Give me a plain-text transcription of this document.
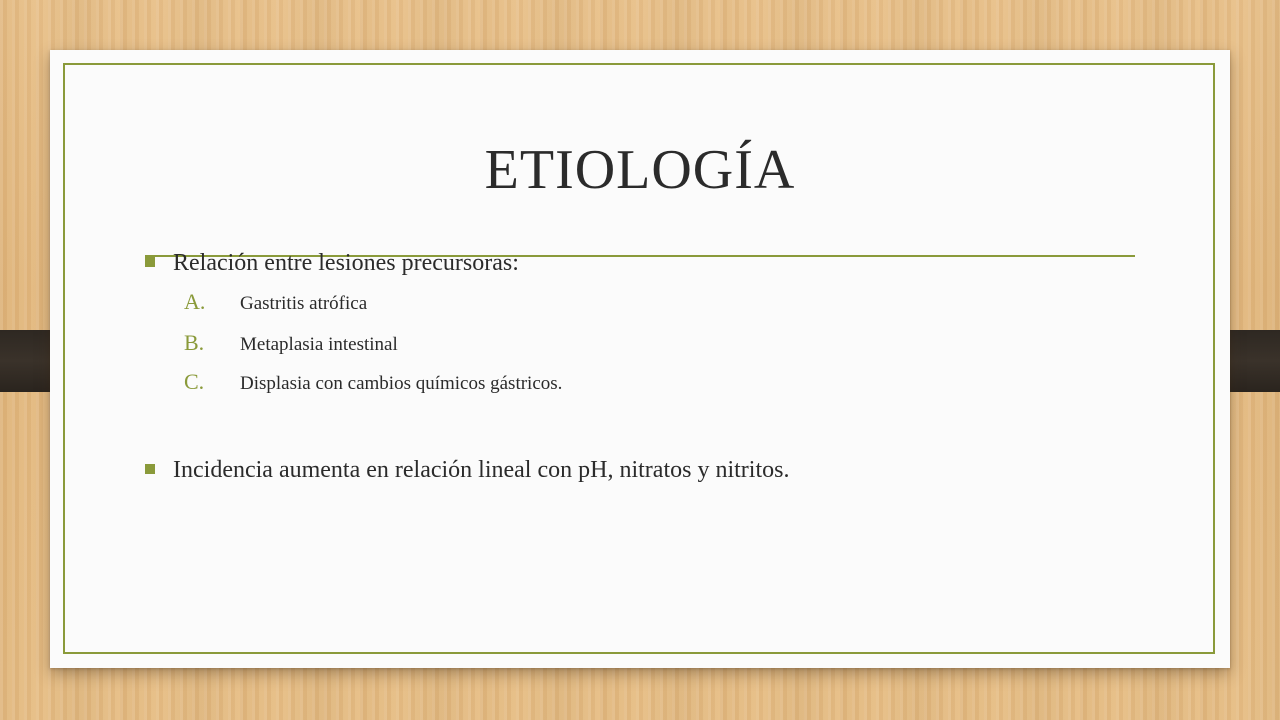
ETIOLOGÍA
Relación entre lesiones precursoras:
A.	Gastritis atrófica
B.	Metaplasia intestinal
C.	Displasia con cambios químicos gástricos.
Incidencia aumenta en relación lineal con pH, nitratos y nitritos.
